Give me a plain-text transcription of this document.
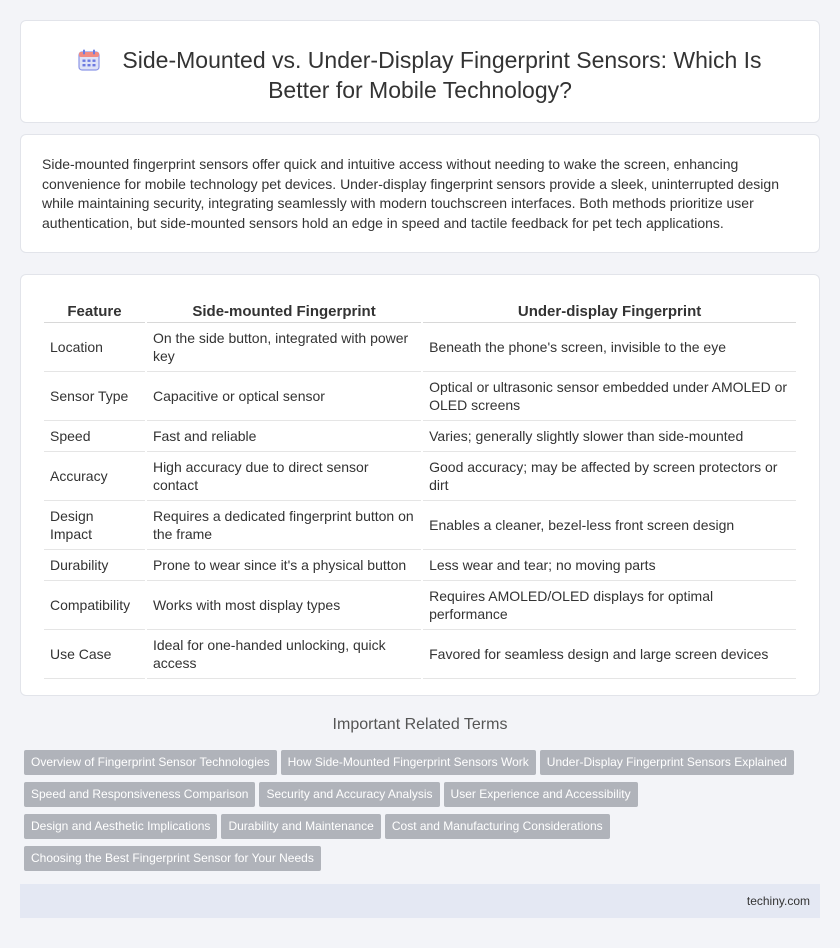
Side-Mounted vs. Under-Display Fingerprint Sensors: Which Is Better for Mobile Technology?

Side-mounted fingerprint sensors offer quick and intuitive access without needing to wake the screen, enhancing convenience for mobile technology pet devices. Under-display fingerprint sensors provide a sleek, uninterrupted design while maintaining security, integrating seamlessly with modern touchscreen interfaces. Both methods prioritize user authentication, but side-mounted sensors hold an edge in speed and tactile feedback for pet tech applications.

Feature	Side-mounted Fingerprint	Under-display Fingerprint
Location	On the side button, integrated with power key	Beneath the phone's screen, invisible to the eye
Sensor Type	Capacitive or optical sensor	Optical or ultrasonic sensor embedded under AMOLED or OLED screens
Speed	Fast and reliable	Varies; generally slightly slower than side-mounted
Accuracy	High accuracy due to direct sensor contact	Good accuracy; may be affected by screen protectors or dirt
Design Impact	Requires a dedicated fingerprint button on the frame	Enables a cleaner, bezel-less front screen design
Durability	Prone to wear since it's a physical button	Less wear and tear; no moving parts
Compatibility	Works with most display types	Requires AMOLED/OLED displays for optimal performance
Use Case	Ideal for one-handed unlocking, quick access	Favored for seamless design and large screen devices
Important Related Terms
Overview of Fingerprint Sensor Technologies How Side-Mounted Fingerprint Sensors Work Under-Display Fingerprint Sensors Explained
Speed and Responsiveness Comparison Security and Accuracy Analysis User Experience and Accessibility
Design and Aesthetic Implications Durability and Maintenance Cost and Manufacturing Considerations
Choosing the Best Fingerprint Sensor for Your Needs
techiny.com
